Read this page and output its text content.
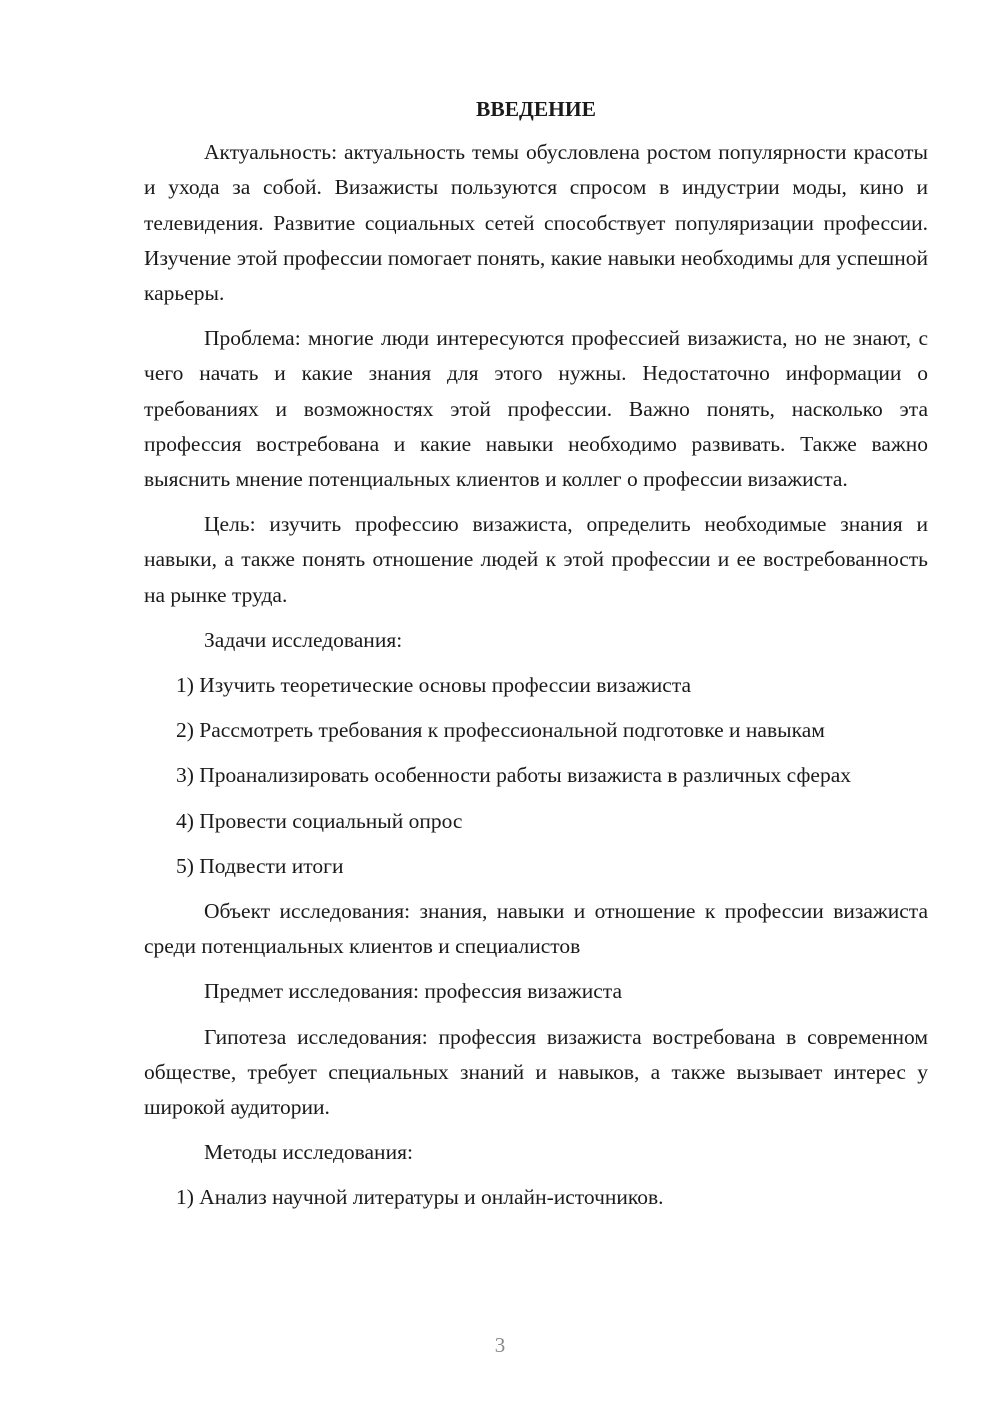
ВВЕДЕНИЕ

Актуальность: актуальность темы обусловлена ростом популярности красоты и ухода за собой. Визажисты пользуются спросом в индустрии моды, кино и телевидения. Развитие социальных сетей способствует популяризации профессии. Изучение этой профессии помогает понять, какие навыки необходимы для успешной карьеры.

Проблема: многие люди интересуются профессией визажиста, но не знают, с чего начать и какие знания для этого нужны. Недостаточно информации о требованиях и возможностях этой профессии. Важно понять, насколько эта профессия востребована и какие навыки необходимо развивать. Также важно выяснить мнение потенциальных клиентов и коллег о профессии визажиста.

Цель: изучить профессию визажиста, определить необходимые знания и навыки, а также понять отношение людей к этой профессии и ее востребованность на рынке труда.

Задачи исследования:

1) Изучить теоретические основы профессии визажиста

2) Рассмотреть требования к профессиональной подготовке и навыкам

3) Проанализировать особенности работы визажиста в различных сферах

4) Провести социальный опрос

5) Подвести итоги

Объект исследования: знания, навыки и отношение к профессии визажиста среди потенциальных клиентов и специалистов

Предмет исследования: профессия визажиста

Гипотеза исследования: профессия визажиста востребована в современном обществе, требует специальных знаний и навыков, а также вызывает интерес у широкой аудитории.

Методы исследования:

1) Анализ научной литературы и онлайн-источников.

3
